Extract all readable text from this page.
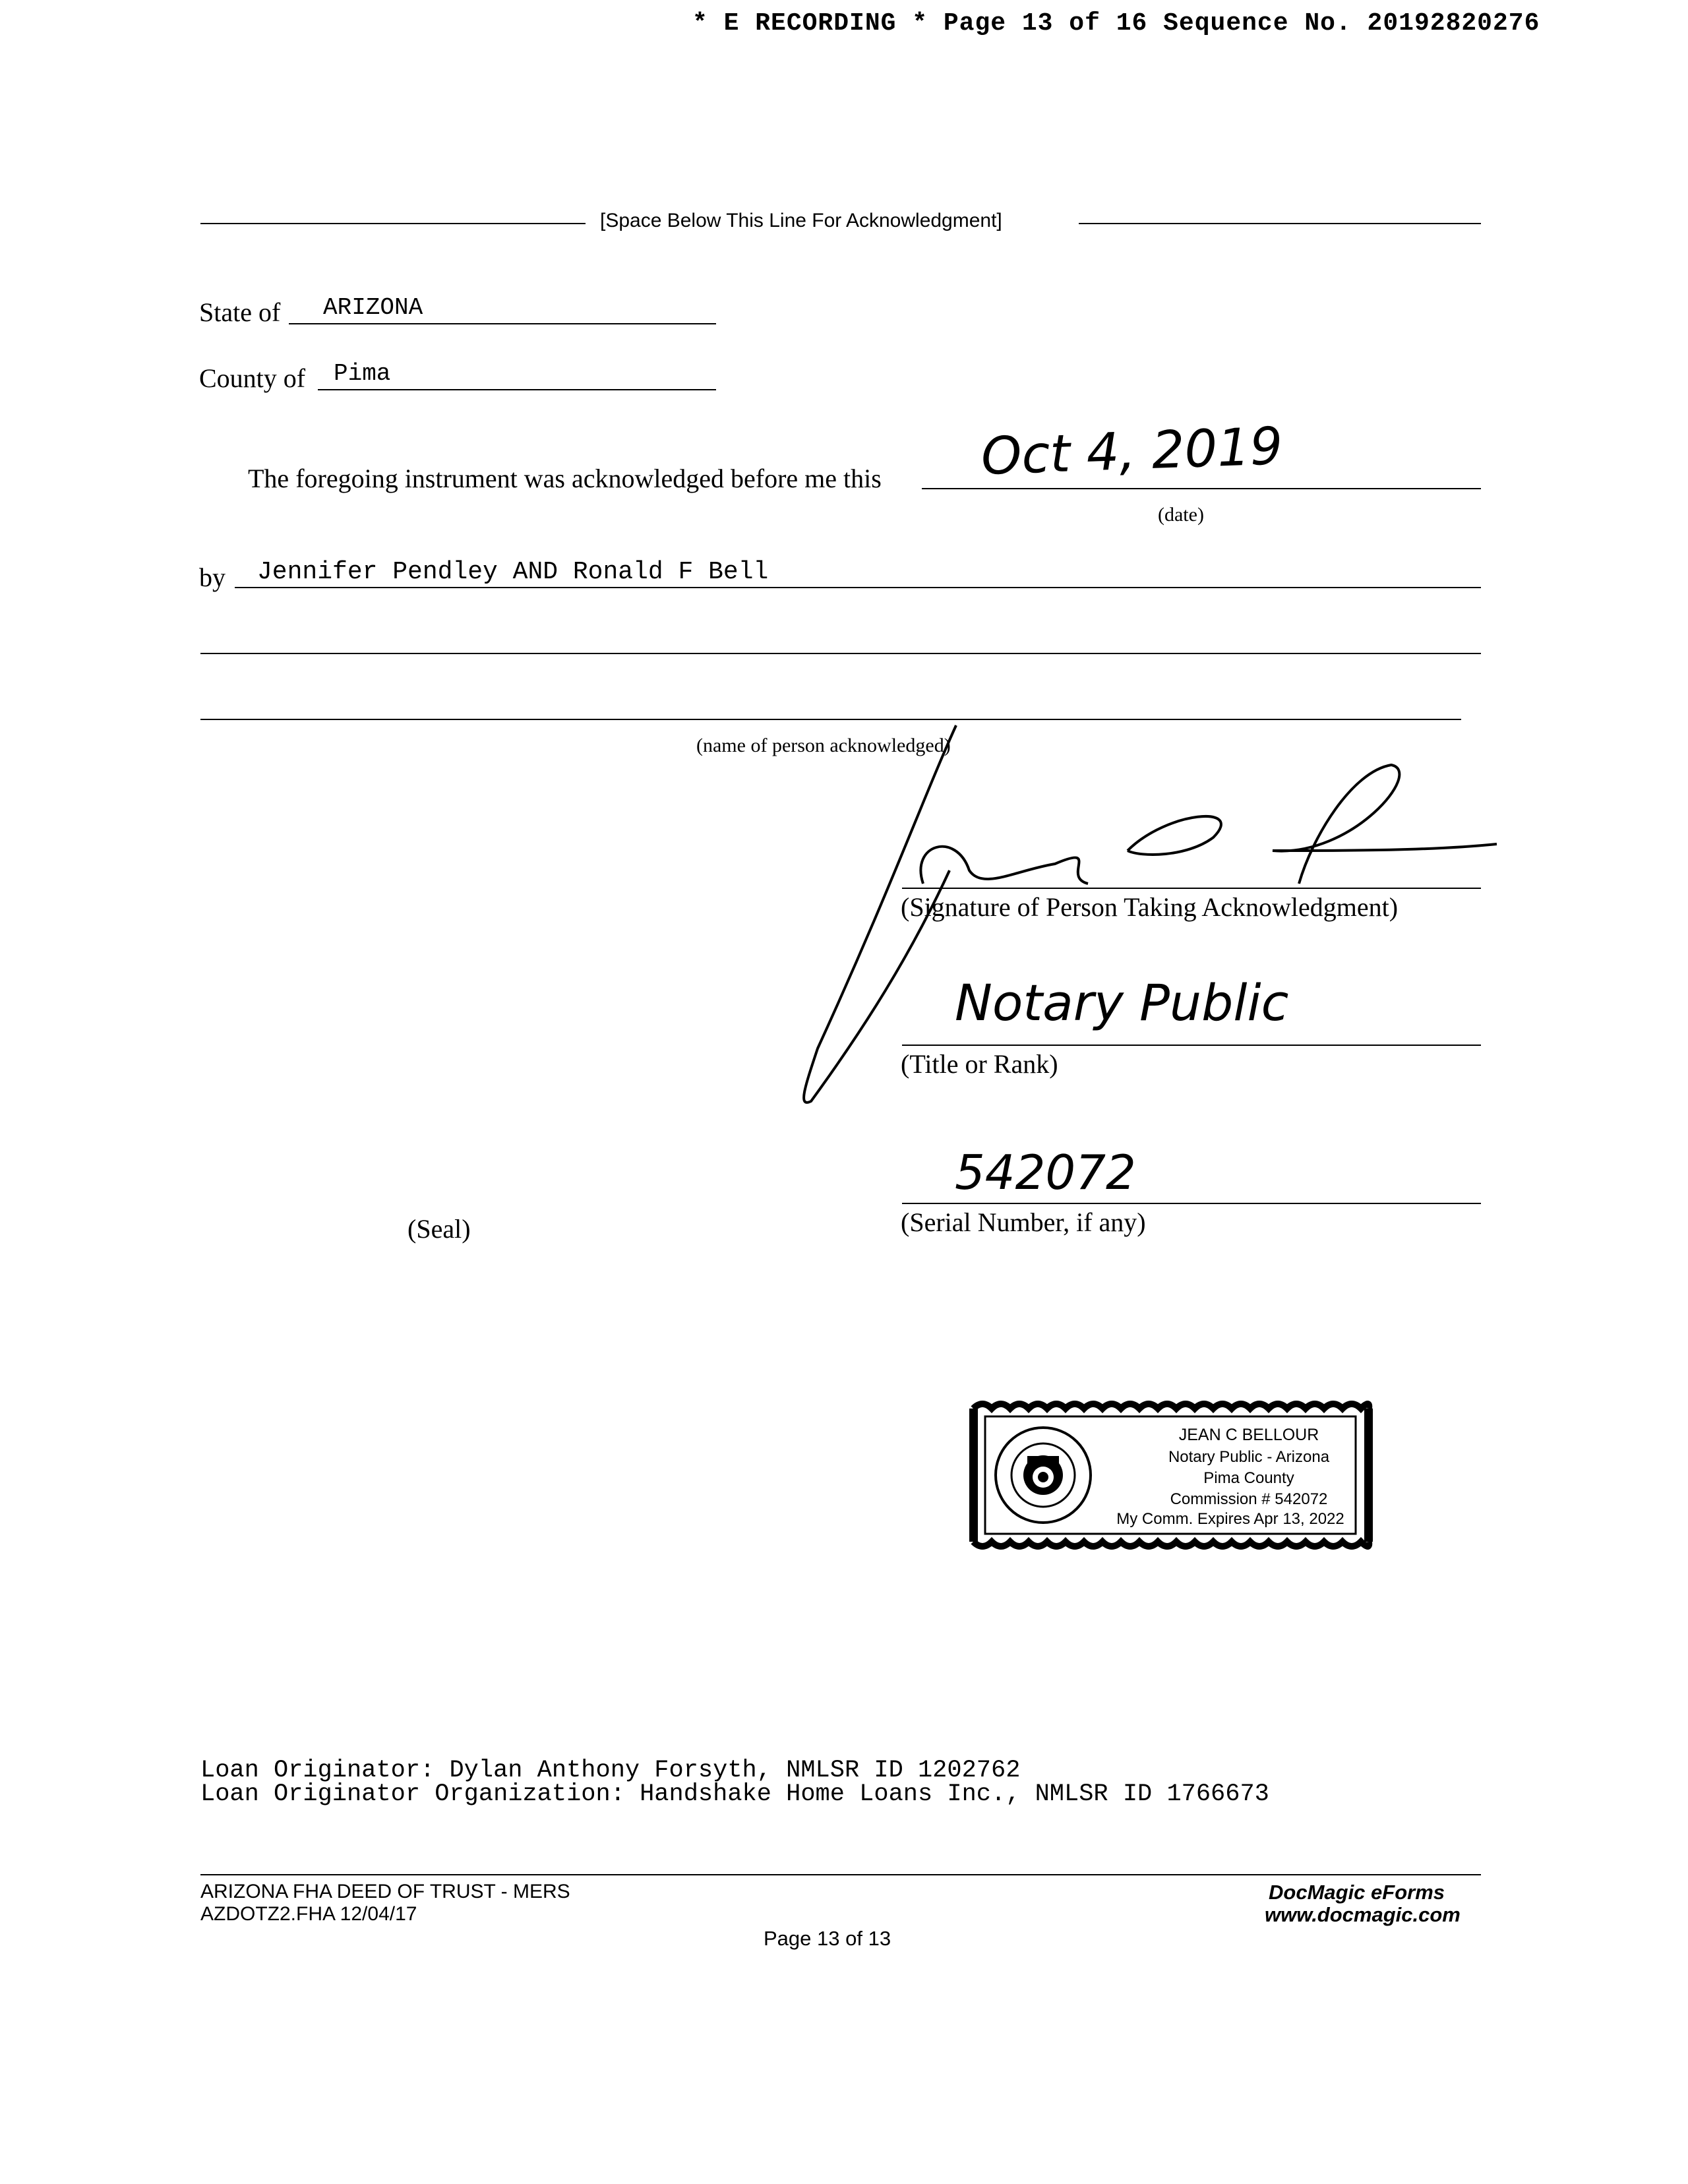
* E RECORDING * Page 13 of 16 Sequence No. 20192820276
[Space Below This Line For Acknowledgment]
State of ARIZONA
County of Pima
The foregoing instrument was acknowledged before me this Oct 4, 2019
(date)
by Jennifer Pendley AND Ronald F Bell
(name of person acknowledged)
(Signature of Person Taking Acknowledgment)
Notary Public
(Title or Rank)
542072
(Serial Number, if any)
(Seal)
JEAN C BELLOUR
Notary Public - Arizona
Pima County
Commission # 542072
My Comm. Expires Apr 13, 2022
Loan Originator: Dylan Anthony Forsyth, NMLSR ID 1202762
Loan Originator Organization: Handshake Home Loans Inc., NMLSR ID 1766673
ARIZONA FHA DEED OF TRUST - MERS
AZDOTZ2.FHA 12/04/17
Page 13 of 13
DocMagic eForms
www.docmagic.com
